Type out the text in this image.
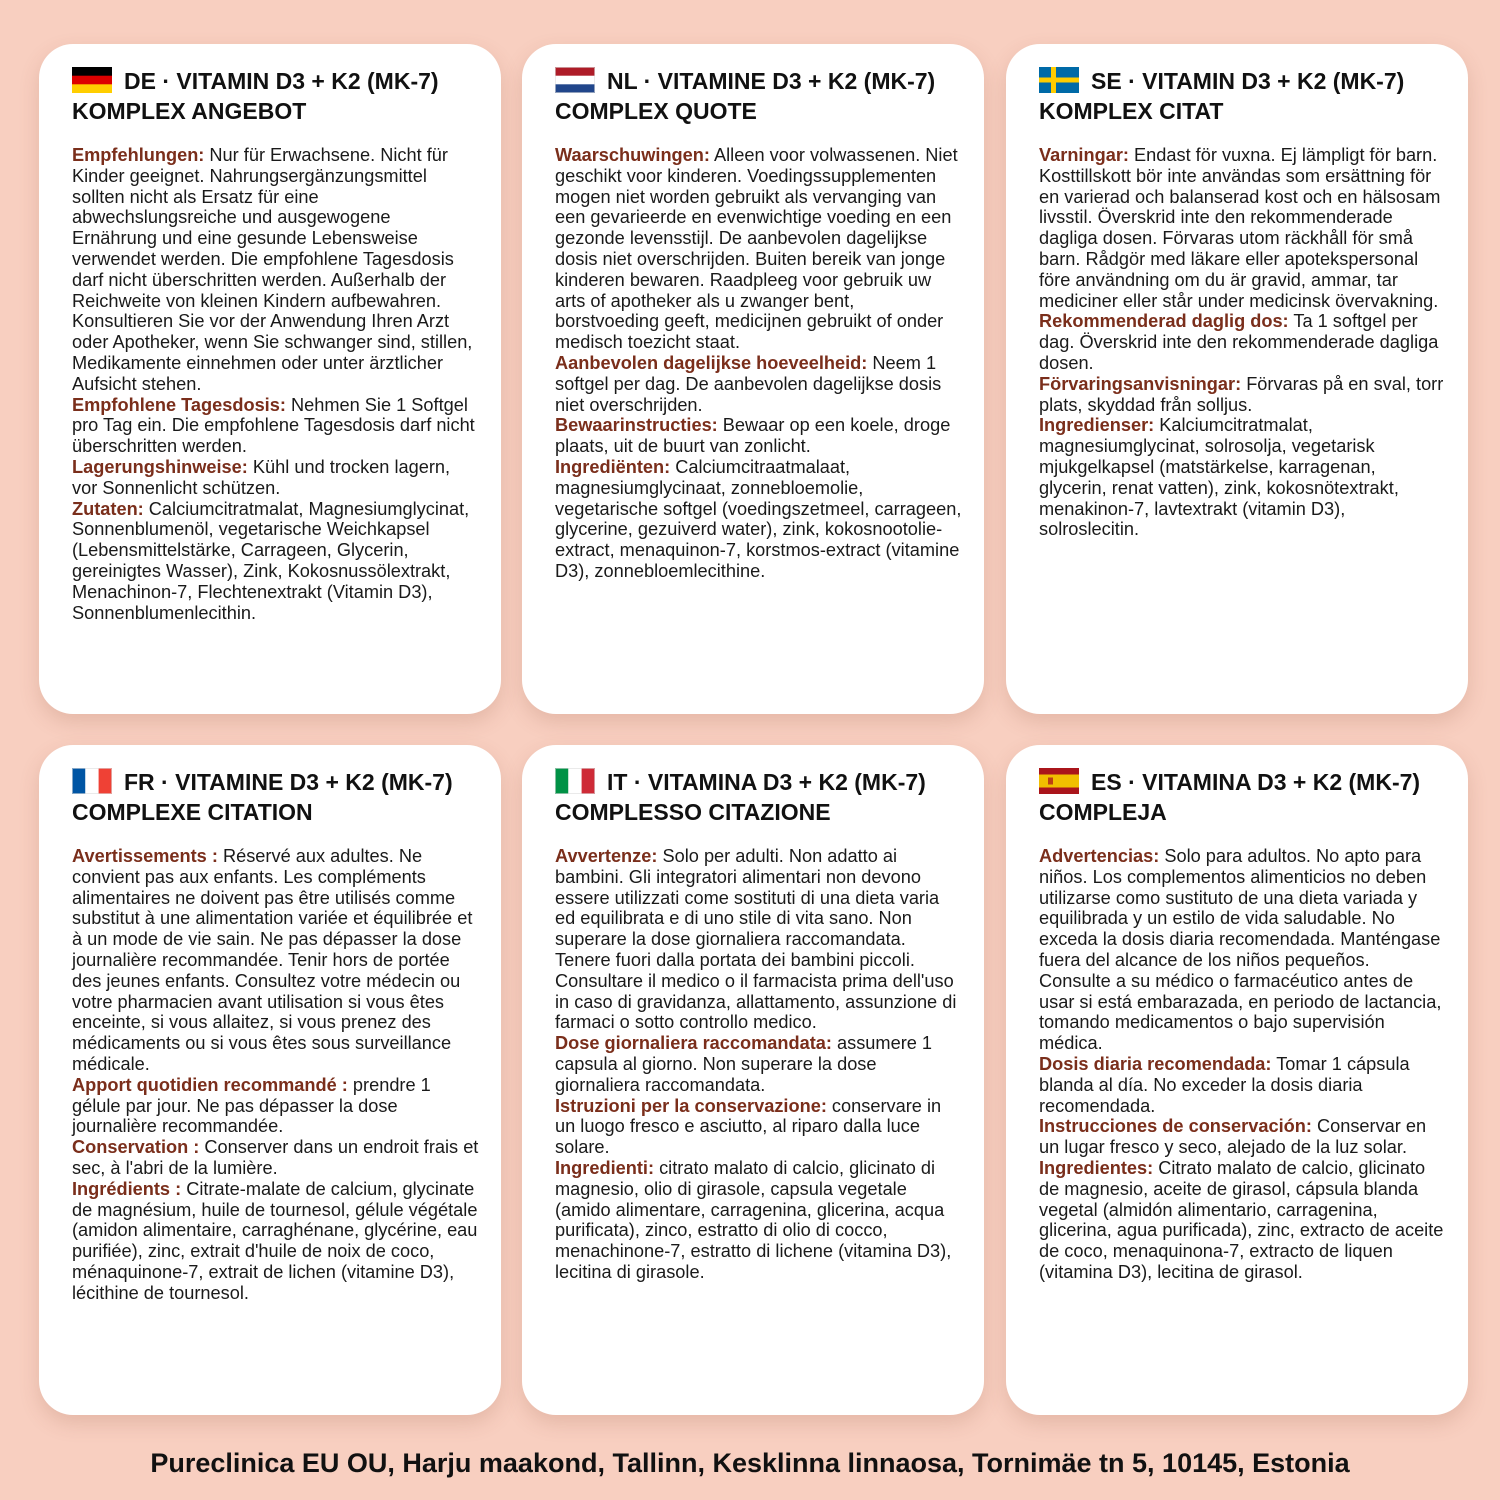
DE · VITAMIN D3 + K2 (MK-7) KOMPLEX ANGEBOT

Empfehlungen: Nur für Erwachsene. Nicht für Kinder geeignet. Nahrungsergänzungsmittel sollten nicht als Ersatz für eine abwechslungsreiche und ausgewogene Ernährung und eine gesunde Lebensweise verwendet werden. Die empfohlene Tagesdosis darf nicht überschritten werden. Außerhalb der Reichweite von kleinen Kindern aufbewahren. Konsultieren Sie vor der Anwendung Ihren Arzt oder Apotheker, wenn Sie schwanger sind, stillen, Medikamente einnehmen oder unter ärztlicher Aufsicht stehen.
Empfohlene Tagesdosis: Nehmen Sie 1 Softgel pro Tag ein. Die empfohlene Tagesdosis darf nicht überschritten werden.
Lagerungshinweise: Kühl und trocken lagern, vor Sonnenlicht schützen.
Zutaten: Calciumcitratmalat, Magnesiumglycinat, Sonnenblumenöl, vegetarische Weichkapsel (Lebensmittelstärke, Carrageen, Glycerin, gereinigtes Wasser), Zink, Kokosnussölextrakt, Menachinon-7, Flechtenextrakt (Vitamin D3), Sonnenblumenlecithin.

NL · VITAMINE D3 + K2 (MK-7) COMPLEX QUOTE

Waarschuwingen: Alleen voor volwassenen. Niet geschikt voor kinderen. Voedingssupplementen mogen niet worden gebruikt als vervanging van een gevarieerde en evenwichtige voeding en een gezonde levensstijl. De aanbevolen dagelijkse dosis niet overschrijden. Buiten bereik van jonge kinderen bewaren. Raadpleeg voor gebruik uw arts of apotheker als u zwanger bent, borstvoeding geeft, medicijnen gebruikt of onder medisch toezicht staat.
Aanbevolen dagelijkse hoeveelheid: Neem 1 softgel per dag. De aanbevolen dagelijkse dosis niet overschrijden.
Bewaarinstructies: Bewaar op een koele, droge plaats, uit de buurt van zonlicht.
Ingrediënten: Calciumcitraatmalaat, magnesiumglycinaat, zonnebloemolie, vegetarische softgel (voedingszetmeel, carrageen, glycerine, gezuiverd water), zink, kokosnootolie-extract, menaquinon-7, korstmos-extract (vitamine D3), zonnebloemlecithine.

SE · VITAMIN D3 + K2 (MK-7) KOMPLEX CITAT

Varningar: Endast för vuxna. Ej lämpligt för barn. Kosttillskott bör inte användas som ersättning för en varierad och balanserad kost och en hälsosam livsstil. Överskrid inte den rekommenderade dagliga dosen. Förvaras utom räckhåll för små barn. Rådgör med läkare eller apotekspersonal före användning om du är gravid, ammar, tar mediciner eller står under medicinsk övervakning.
Rekommenderad daglig dos: Ta 1 softgel per dag. Överskrid inte den rekommenderade dagliga dosen.
Förvaringsanvisningar: Förvaras på en sval, torr plats, skyddad från solljus.
Ingredienser: Kalciumcitratmalat, magnesiumglycinat, solrosolja, vegetarisk mjukgelkapsel (matstärkelse, karragenan, glycerin, renat vatten), zink, kokosnötextrakt, menakinon-7, lavtextrakt (vitamin D3), solroslecitin.

FR · VITAMINE D3 + K2 (MK-7) COMPLEXE CITATION

Avertissements : Réservé aux adultes. Ne convient pas aux enfants. Les compléments alimentaires ne doivent pas être utilisés comme substitut à une alimentation variée et équilibrée et à un mode de vie sain. Ne pas dépasser la dose journalière recommandée. Tenir hors de portée des jeunes enfants. Consultez votre médecin ou votre pharmacien avant utilisation si vous êtes enceinte, si vous allaitez, si vous prenez des médicaments ou si vous êtes sous surveillance médicale.
Apport quotidien recommandé : prendre 1 gélule par jour. Ne pas dépasser la dose journalière recommandée.
Conservation : Conserver dans un endroit frais et sec, à l'abri de la lumière.
Ingrédients : Citrate-malate de calcium, glycinate de magnésium, huile de tournesol, gélule végétale (amidon alimentaire, carraghénane, glycérine, eau purifiée), zinc, extrait d'huile de noix de coco, ménaquinone-7, extrait de lichen (vitamine D3), lécithine de tournesol.

IT · VITAMINA D3 + K2 (MK-7) COMPLESSO CITAZIONE

Avvertenze: Solo per adulti. Non adatto ai bambini. Gli integratori alimentari non devono essere utilizzati come sostituti di una dieta varia ed equilibrata e di uno stile di vita sano. Non superare la dose giornaliera raccomandata. Tenere fuori dalla portata dei bambini piccoli. Consultare il medico o il farmacista prima dell'uso in caso di gravidanza, allattamento, assunzione di farmaci o sotto controllo medico.
Dose giornaliera raccomandata: assumere 1 capsula al giorno. Non superare la dose giornaliera raccomandata.
Istruzioni per la conservazione: conservare in un luogo fresco e asciutto, al riparo dalla luce solare.
Ingredienti: citrato malato di calcio, glicinato di magnesio, olio di girasole, capsula vegetale (amido alimentare, carragenina, glicerina, acqua purificata), zinco, estratto di olio di cocco, menachinone-7, estratto di lichene (vitamina D3), lecitina di girasole.

ES · VITAMINA D3 + K2 (MK-7) COMPLEJA

Advertencias: Solo para adultos. No apto para niños. Los complementos alimenticios no deben utilizarse como sustituto de una dieta variada y equilibrada y un estilo de vida saludable. No exceda la dosis diaria recomendada. Manténgase fuera del alcance de los niños pequeños. Consulte a su médico o farmacéutico antes de usar si está embarazada, en periodo de lactancia, tomando medicamentos o bajo supervisión médica.
Dosis diaria recomendada: Tomar 1 cápsula blanda al día. No exceder la dosis diaria recomendada.
Instrucciones de conservación: Conservar en un lugar fresco y seco, alejado de la luz solar.
Ingredientes: Citrato malato de calcio, glicinato de magnesio, aceite de girasol, cápsula blanda vegetal (almidón alimentario, carragenina, glicerina, agua purificada), zinc, extracto de aceite de coco, menaquinona-7, extracto de liquen (vitamina D3), lecitina de girasol.

Pureclinica EU OU, Harju maakond, Tallinn, Kesklinna linnaosa, Tornimäe tn 5, 10145, Estonia
